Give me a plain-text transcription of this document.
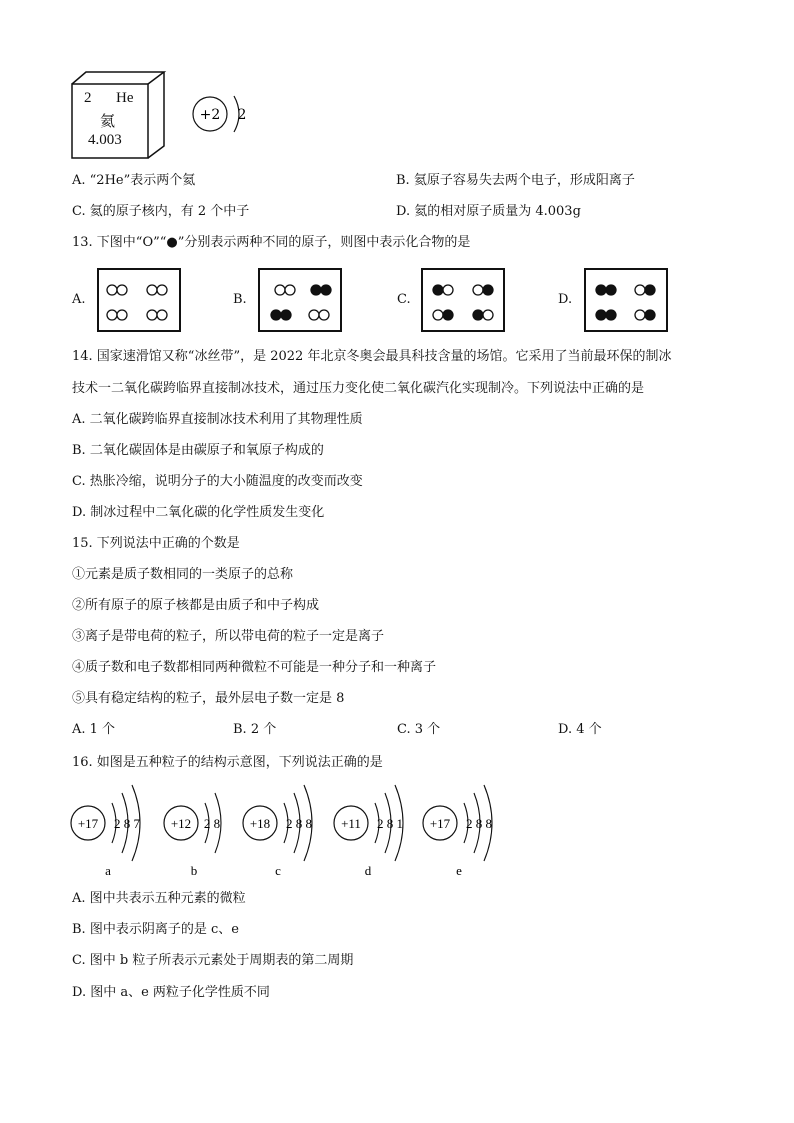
2 He
氦
4.003
+2 2
A. “2He”表示两个氦	B. 氦原子容易失去两个电子，形成阳离子
C. 氦的原子核内，有 2 个中子	D. 氦的相对原子质量为 4.003g
13. 下图中“O”“●”分别表示两种不同的原子，则图中表示化合物的是
A.	B.	C.	D.
14. 国家速滑馆又称“冰丝带”，是 2022 年北京冬奥会最具科技含量的场馆。它采用了当前最环保的制冰
技术一二氧化碳跨临界直接制冰技术，通过压力变化使二氧化碳汽化实现制冷。下列说法中正确的是
A. 二氧化碳跨临界直接制冰技术利用了其物理性质
B. 二氧化碳固体是由碳原子和氧原子构成的
C. 热胀冷缩，说明分子的大小随温度的改变而改变
D. 制冰过程中二氧化碳的化学性质发生变化
15. 下列说法中正确的个数是
①元素是质子数相同的一类原子的总称
②所有原子的原子核都是由质子和中子构成
③离子是带电荷的粒子，所以带电荷的粒子一定是离子
④质子数和电子数都相同两种微粒不可能是一种分子和一种离子
⑤具有稳定结构的粒子，最外层电子数一定是 8
A. 1 个	B. 2 个	C. 3 个	D. 4 个
16. 如图是五种粒子的结构示意图，下列说法正确的是
+17 2 8 7
a
+12 2 8
b
+18 2 8 8
c
+11 2 8 1
d
+17 2 8 8
e
A. 图中共表示五种元素的微粒
B. 图中表示阴离子的是 c、e
C. 图中 b 粒子所表示元素处于周期表的第二周期
D. 图中 a、e 两粒子化学性质不同
